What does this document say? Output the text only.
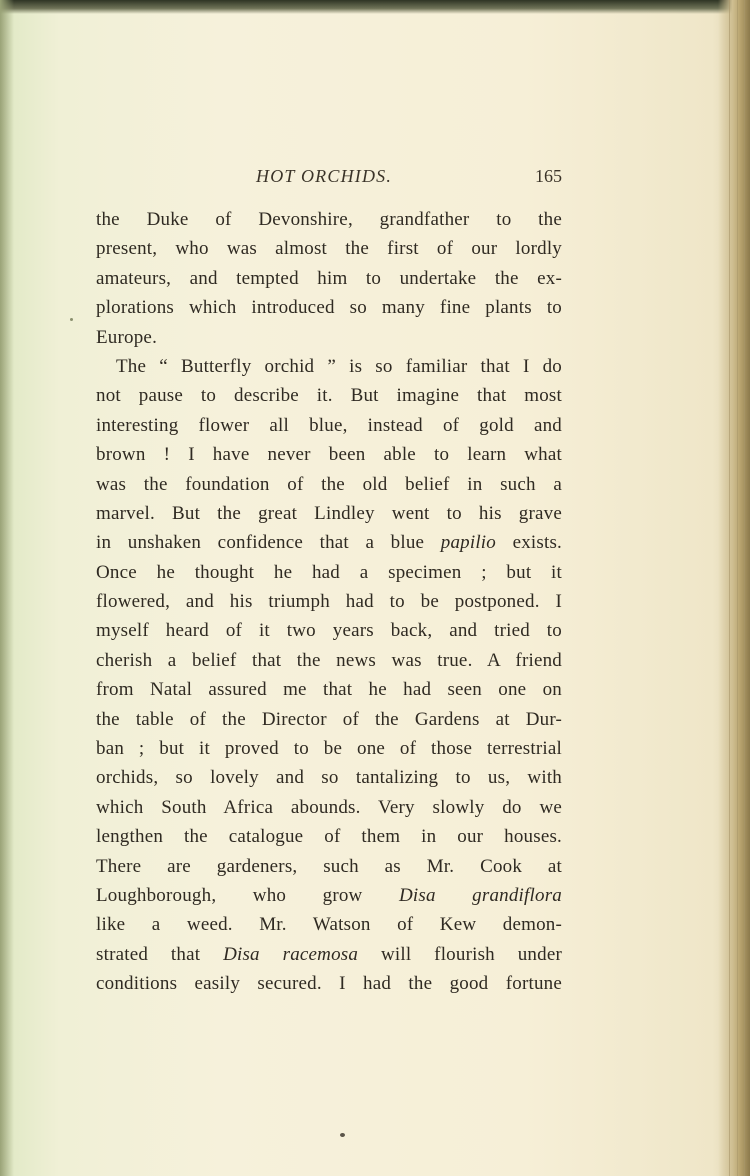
HOT ORCHIDS.	165
the Duke of Devonshire, grandfather to the
present, who was almost the first of our lordly
amateurs, and tempted him to undertake the ex-
plorations which introduced so many fine plants to
Europe.
The “ Butterfly orchid ” is so familiar that I do
not pause to describe it. But imagine that most
interesting flower all blue, instead of gold and
brown ! I have never been able to learn what
was the foundation of the old belief in such a
marvel. But the great Lindley went to his grave
in unshaken confidence that a blue papilio exists.
Once he thought he had a specimen ; but it
flowered, and his triumph had to be postponed. I
myself heard of it two years back, and tried to
cherish a belief that the news was true. A friend
from Natal assured me that he had seen one on
the table of the Director of the Gardens at Dur-
ban ; but it proved to be one of those terrestrial
orchids, so lovely and so tantalizing to us, with
which South Africa abounds. Very slowly do we
lengthen the catalogue of them in our houses.
There are gardeners, such as Mr. Cook at
Loughborough, who grow Disa grandiflora
like a weed. Mr. Watson of Kew demon-
strated that Disa racemosa will flourish under
conditions easily secured. I had the good fortune
